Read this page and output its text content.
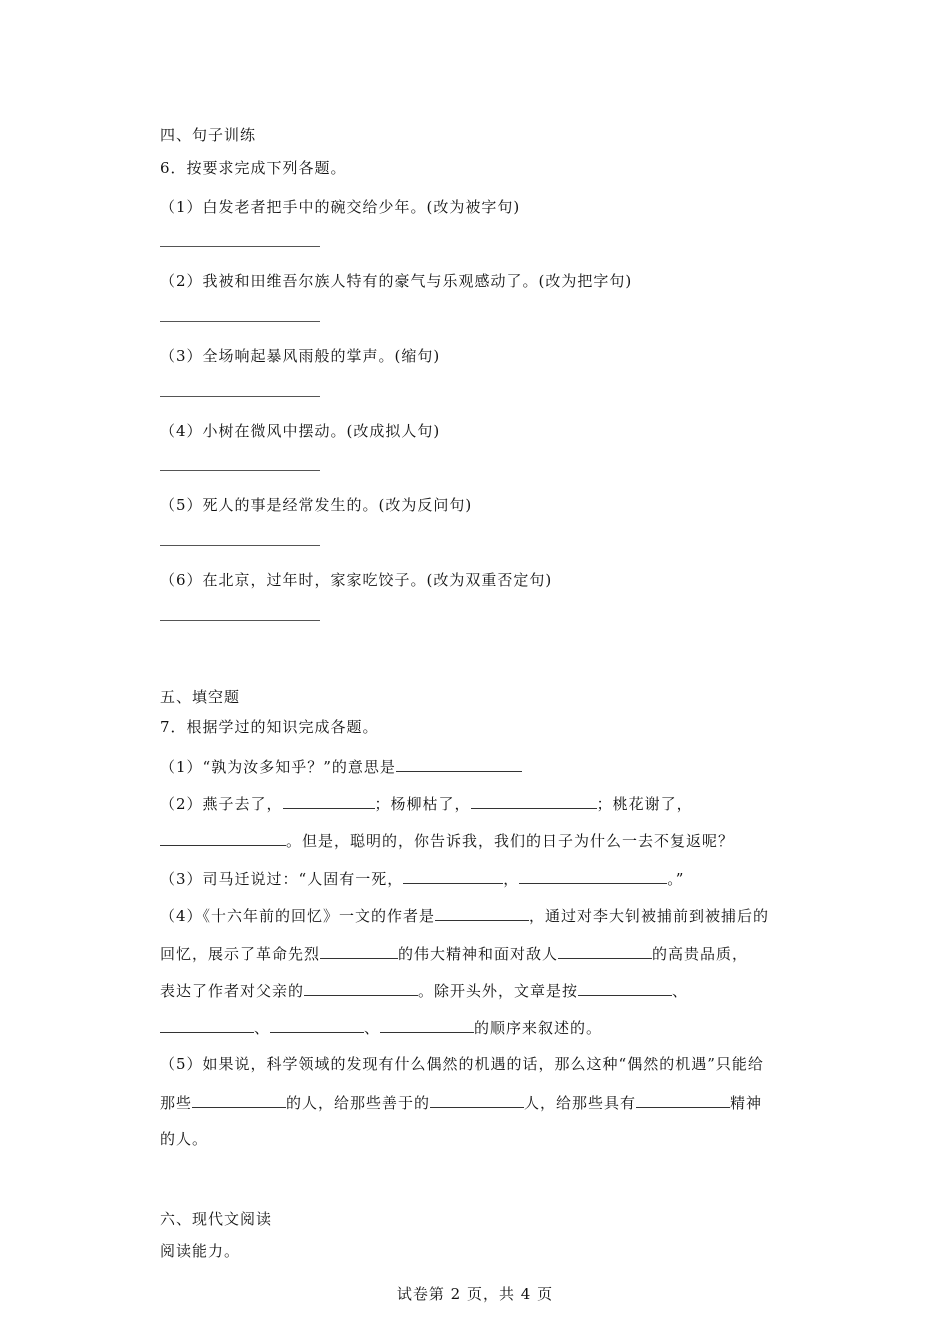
四、句子训练
6．按要求完成下列各题。
（1）白发老者把手中的碗交给少年。(改为被字句)
（2）我被和田维吾尔族人特有的豪气与乐观感动了。(改为把字句)
（3）全场响起暴风雨般的掌声。(缩句)
（4）小树在微风中摆动。(改成拟人句)
（5）死人的事是经常发生的。(改为反问句)
（6）在北京，过年时，家家吃饺子。(改为双重否定句)
五、填空题
7．根据学过的知识完成各题。
（1）“孰为汝多知乎？”的意思是
（2）燕子去了，	；杨柳枯了，	；桃花谢了，
。但是，聪明的，你告诉我，我们的日子为什么一去不复返呢？
（3）司马迁说过：“人固有一死，	，	。”
（4）《十六年前的回忆》一文的作者是	，通过对李大钊被捕前到被捕后的
回忆，展示了革命先烈	的伟大精神和面对敌人	的高贵品质，
表达了作者对父亲的	。除开头外，文章是按	、
、	、	的顺序来叙述的。
（5）如果说，科学领域的发现有什么偶然的机遇的话，那么这种“偶然的机遇”只能给
那些	的人，给那些善于的	人，给那些具有	精神
的人。
六、现代文阅读
阅读能力。
试卷第 2 页，共 4 页
